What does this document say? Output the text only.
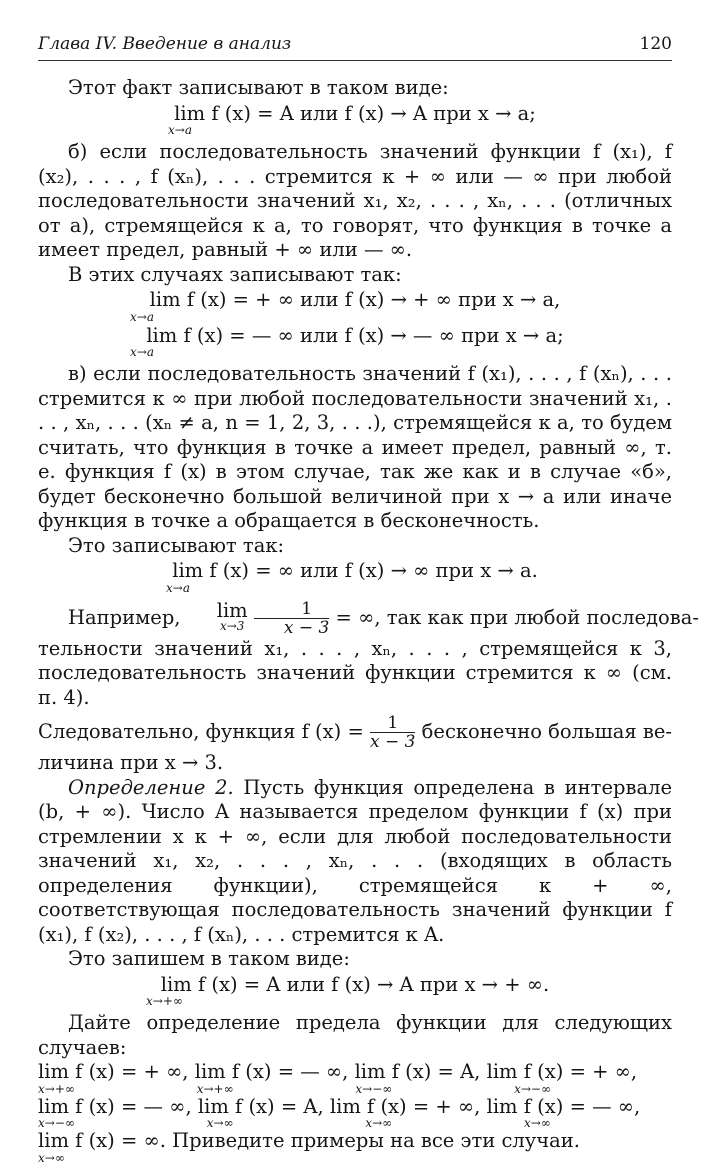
Глава IV. Введение в анализ	120

Этот факт записывают в таком виде:

lim f (x) = A или f (x) → A при x → a;
x→a

б) если последовательность значений функции f (x₁), f (x₂), . . . , f (xₙ), . . . стремится к + ∞ или — ∞ при любой последовательности значений x₁, x₂, . . . , xₙ, . . . (отличных от a), стремящейся к a, то говорят, что функция в точке a имеет предел, равный + ∞ или — ∞.

В этих случаях записывают так:

lim f (x) = + ∞ или f (x) → + ∞ при x → a,
x→a
lim f (x) = — ∞ или f (x) → — ∞ при x → a;
x→a

в) если последовательность значений f (x₁), . . . , f (xₙ), . . . стремится к ∞ при любой последовательности значений x₁, . . . , xₙ, . . . (xₙ ≠ a, n = 1, 2, 3, . . .), стремящейся к a, то будем считать, что функция в точке a имеет предел, равный ∞, т. е. функция f (x) в этом случае, так же как и в случае «б», будет бесконечно большой величиной при x → a или иначе функция в точке a обращается в бесконечность.

Это записывают так:

lim f (x) = ∞ или f (x) → ∞ при x → a.
x→a

Например, lim
x→3
$\frac{1}{x - 3}$ = ∞, так как при любой последова-

тельности значений x₁, . . . , xₙ, . . . , стремящейся к 3, последовательность значений функции стремится к ∞ (см. п. 4).

Следовательно, функция f $(x) = \frac{1}{x - 3}$ бесконечно большая ве-

личина при x → 3.

Определение 2. Пусть функция определена в интервале (b, + ∞). Число A называется пределом функции f (x) при стремлении x к + ∞, если для любой последовательности значений x₁, x₂, . . . , xₙ, . . . (входящих в область определения функции), стремящейся к + ∞, соответствующая последовательность значений функции f (x₁), f (x₂), . . . , f (xₙ), . . . стремится к A.

Это запишем в таком виде:

lim f (x) = A или f (x) → A при x → + ∞.
x→+∞

Дайте определение предела функции для следующих случаев:

lim f (x) = + ∞, lim f (x) = — ∞, lim f (x) = A, lim f (x) = + ∞,
x→+∞ x→+∞ x→−∞ x→−∞
lim f (x) = — ∞, lim f (x) = A, lim f (x) = + ∞, lim f (x) = — ∞,
x→−∞ x→∞ x→∞ x→∞
lim f (x) = ∞. Приведите примеры на все эти случаи.
x→∞
